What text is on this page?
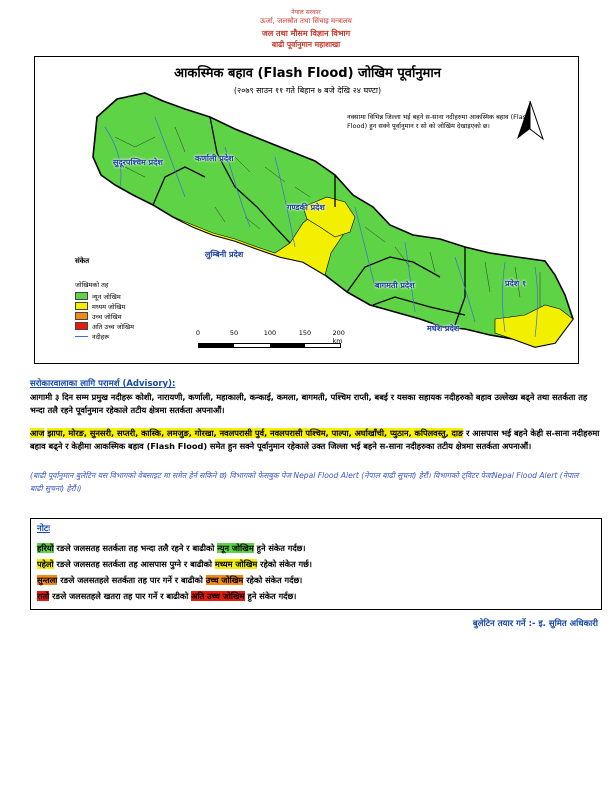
नेपाल सरकार
ऊर्जा, जलस्रोत तथा सिंचाइ मन्त्रालय
जल तथा मौसम विज्ञान विभाग
बाढी पूर्वानुमान महाशाखा
आकस्मिक बहाव (Flash Flood) जोखिम पूर्वानुमान
(२०७९ साउन ११ गते बिहान ७ बजे देखि २४ घण्टा)
नक्सामा विभिन्न जिल्ला भई बहने स-साना नदीहरुमा आकस्मिक बहाव (Flash Flood) हुन सक्ने पूर्वानुमान र सो को जोखिम देखाइएको छ।
सुदूरपश्चिम प्रदेश	कर्णाली प्रदेश
गण्डकी प्रदेश
लुम्बिनी प्रदेश
बागमती प्रदेश	प्रदेश १
मधेश प्रदेश
संकेत
जोखिमको तह
न्यून जोखिम
मध्यम जोखिम
उच्च जोखिम
अति उच्च जोखिम
नदीहरू	0	50	100	150	200 km
सरोकारवालाका लागि परामर्श (Advisory):
आगामी ३ दिन सम्म प्रमुख नदीहरू कोशी, नारायणी, कर्णाली, महाकाली, कन्काई, कमला, बागमती, पश्चिम राप्ती, बबई र यसका सहायक नदीहरुको बहाव उल्लेख्य बढ्ने तथा सतर्कता तह भन्दा तलै रहने पूर्वानुमान रहेकाले तटीय क्षेत्रमा सतर्कता अपनाऔं।
आज झापा, मोरङ, सुनसरी, सप्तरी, कास्कि, लमजुङ, गोरखा, नवलपरासी पुर्व, नवलपरासी पश्चिम, पाल्पा, अर्घाखाँची, प्युठान, कपिलवस्तु, दाङ र आसपास भई बहने केही स-साना नदीहरुमा बहाव बढ्ने र केहीमा आकस्मिक बहाव (Flash Flood) समेत हुन सक्ने पूर्वानुमान रहेकाले उक्त जिल्ला भई बहने स-साना नदीहरुका तटीय क्षेत्रमा सतर्कता अपनाऔं।
(बाढी पूर्वानुमान बुलेटिन यस विभागको वेबसाइट मा समेत हेर्न सकिने छ) विभागको फेसबुक पेज Nepal Flood Alert (नेपाल बाढी सुचना) हेरौं। विभागको ट्विटर पेजःNepal Flood Alert (नेपाल बाढी सुचना) हेरौं।)
नोटः
हरियो रङले जलसतह सतर्कता तह भन्दा तलै रहने र बाढीको न्यून जोखिम हुने संकेत गर्दछ।
पहेलो रङले जलसतह सतर्कता तह आसपास पुग्ने र बाढीको मध्यम जोखिम रहेको संकेत गर्छ।
सुन्तला रङले जलसतहले सतर्कता तह पार गर्ने र बाढीको उच्च जोखिम रहेको संकेत गर्दछ।
रातो रङले जलसतहले खतरा तह पार गर्ने र बाढीको अति उच्च जोखिम हुने संकेत गर्दछ।
बुलेटिन तयार गर्ने :- इ. सुमित अधिकारी
